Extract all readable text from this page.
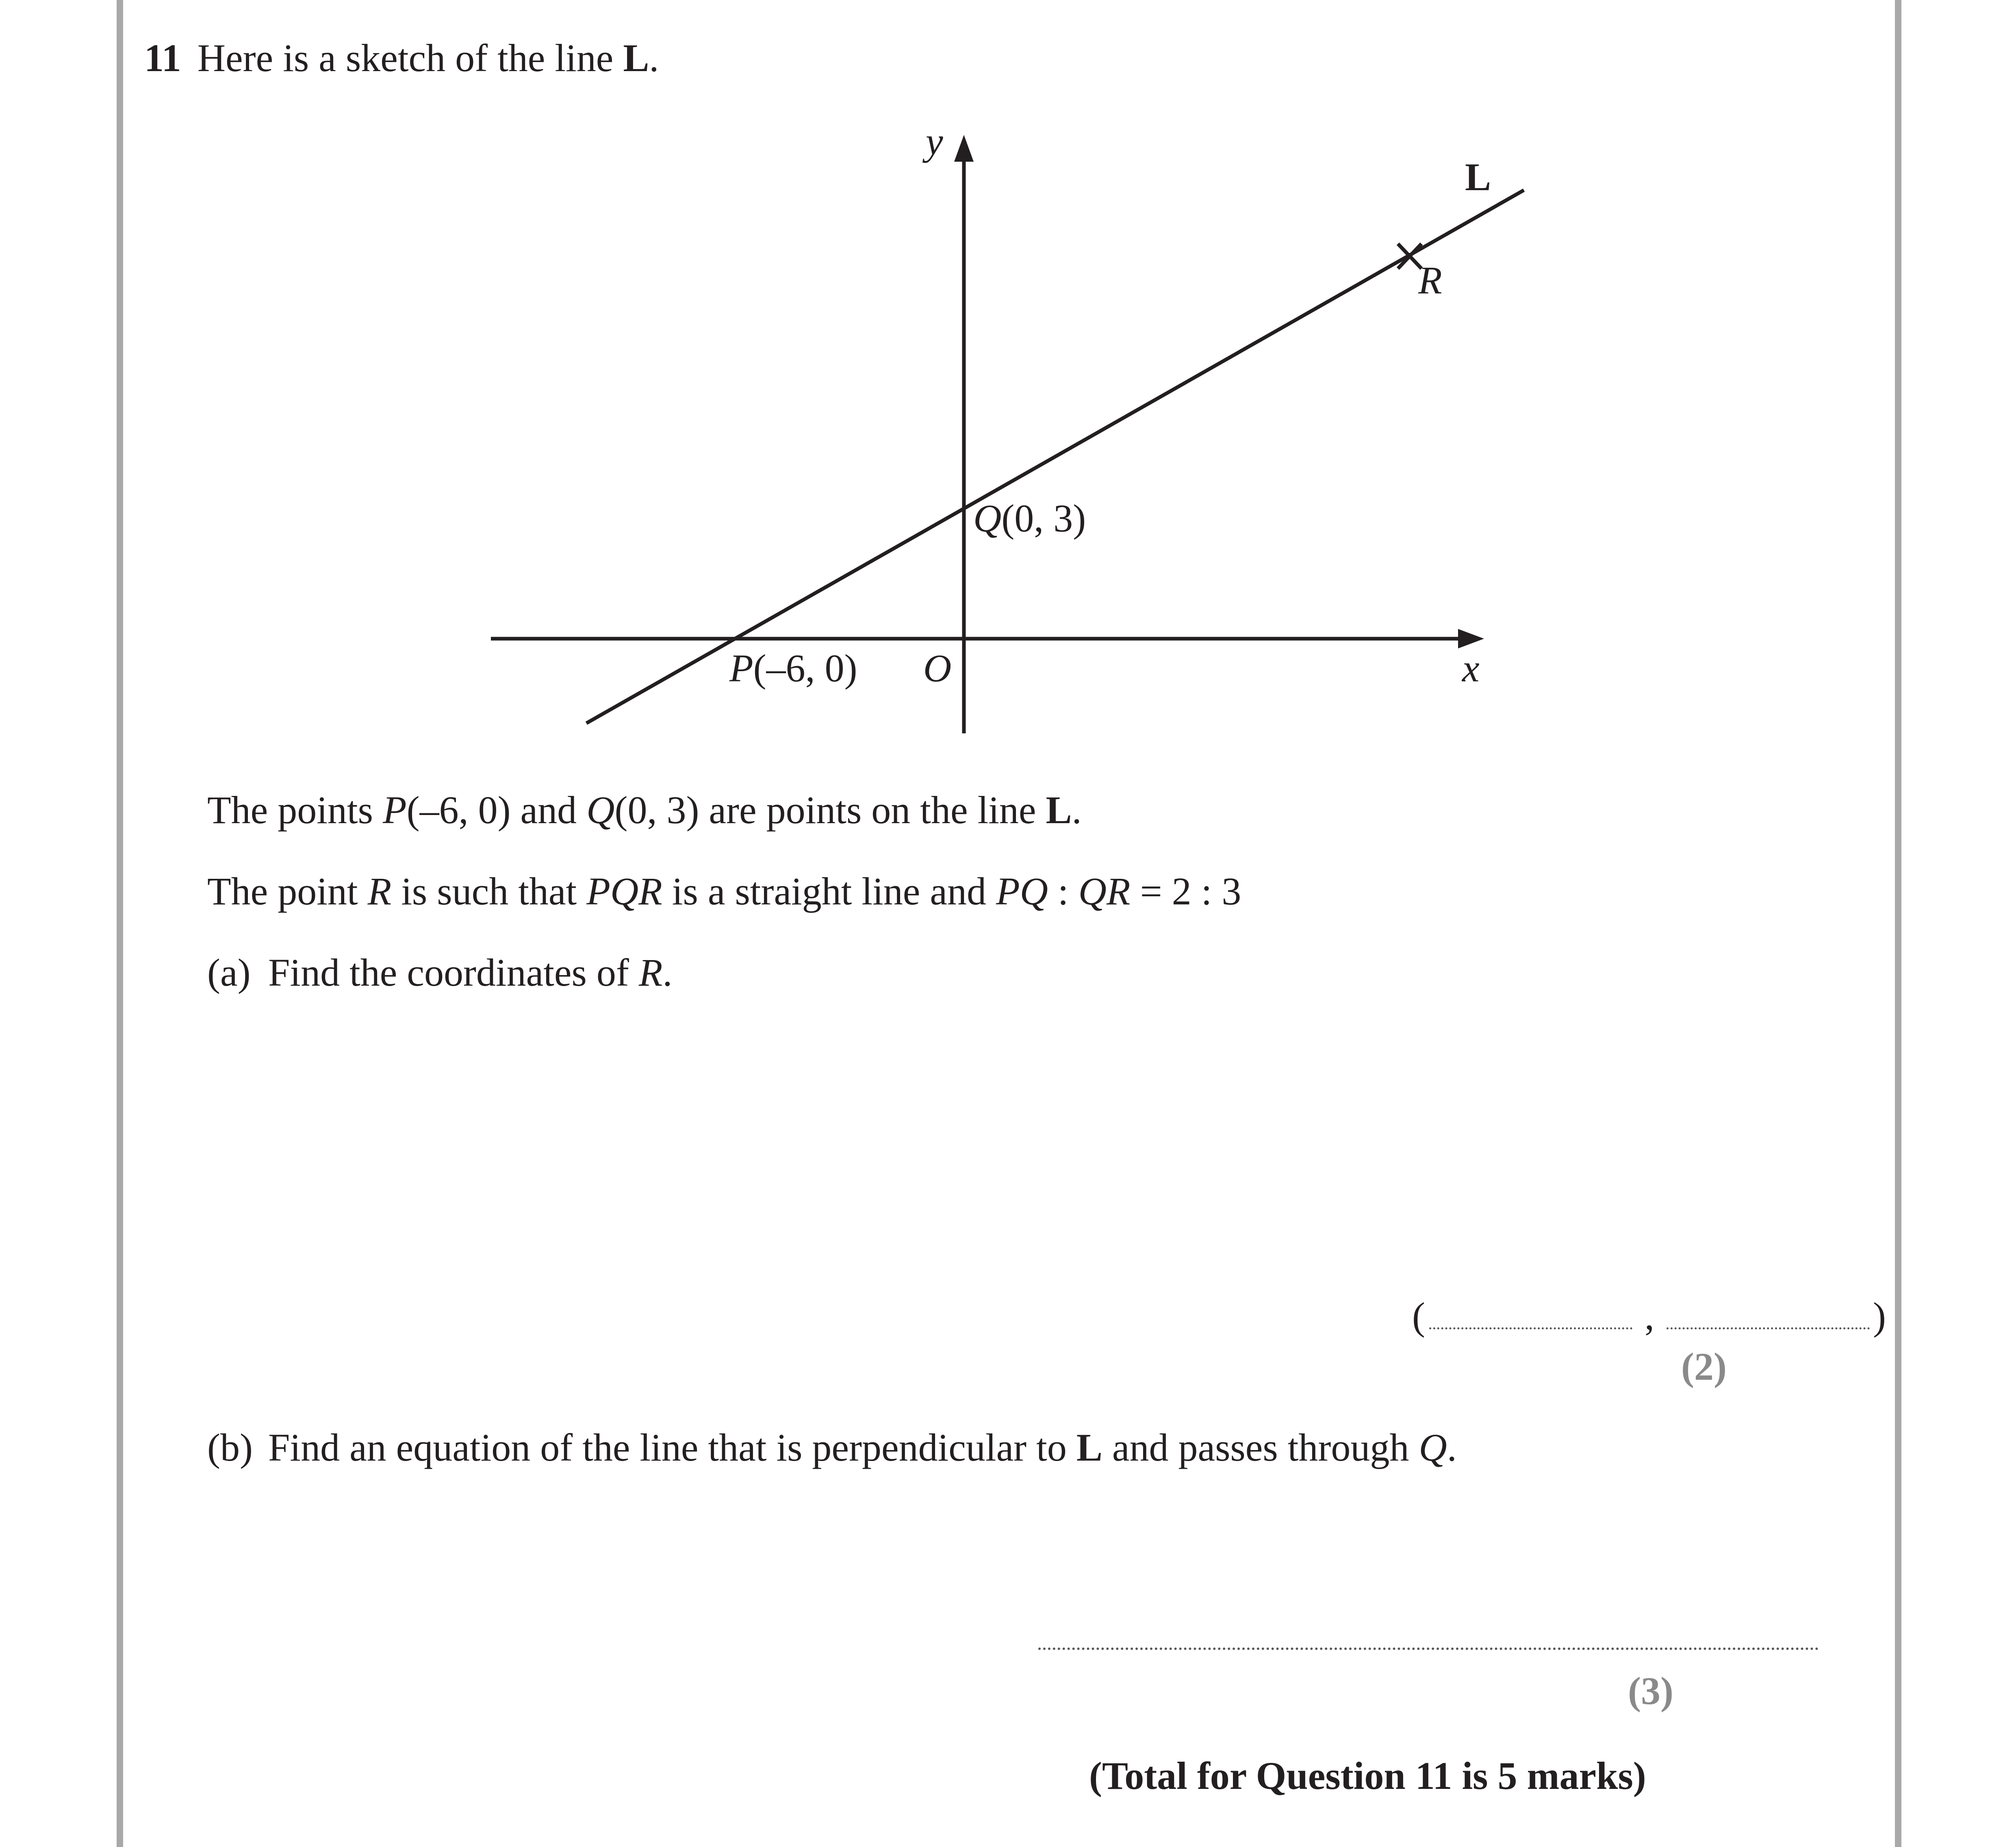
11 Here is a sketch of the line L.
y
x
O
L
P(–6, 0)
Q(0, 3)
R
The points P(–6, 0) and Q(0, 3) are points on the line L.
The point R is such that PQR is a straight line and PQ : QR = 2 : 3
(a) Find the coordinates of R.
(	,	)
(2)
(b) Find an equation of the line that is perpendicular to L and passes through Q.
(3)
(Total for Question 11 is 5 marks)
